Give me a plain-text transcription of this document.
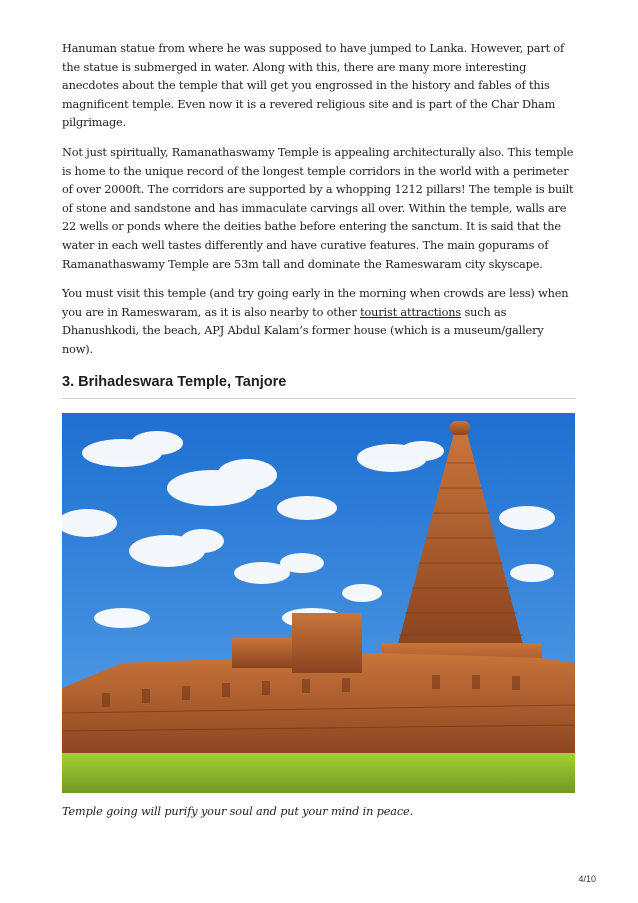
Hanuman statue from where he was supposed to have jumped to Lanka. However, part of the statue is submerged in water. Along with this, there are many more interesting anecdotes about the temple that will get you engrossed in the history and fables of this magnificent temple. Even now it is a revered religious site and is part of the Char Dham pilgrimage.

Not just spiritually, Ramanathaswamy Temple is appealing architecturally also. This temple is home to the unique record of the longest temple corridors in the world with a perimeter of over 2000ft. The corridors are supported by a whopping 1212 pillars! The temple is built of stone and sandstone and has immaculate carvings all over. Within the temple, walls are 22 wells or ponds where the deities bathe before entering the sanctum. It is said that the water in each well tastes differently and have curative features. The main gopurams of Ramanathaswamy Temple are 53m tall and dominate the Rameswaram city skyscape.

You must visit this temple (and try going early in the morning when crowds are less) when you are in Rameswaram, as it is also nearby to other tourist attractions such as Dhanushkodi, the beach, APJ Abdul Kalam’s former house (which is a museum/gallery now).

3. Brihadeswara Temple, Tanjore

Temple going will purify your soul and put your mind in peace.

4/10
